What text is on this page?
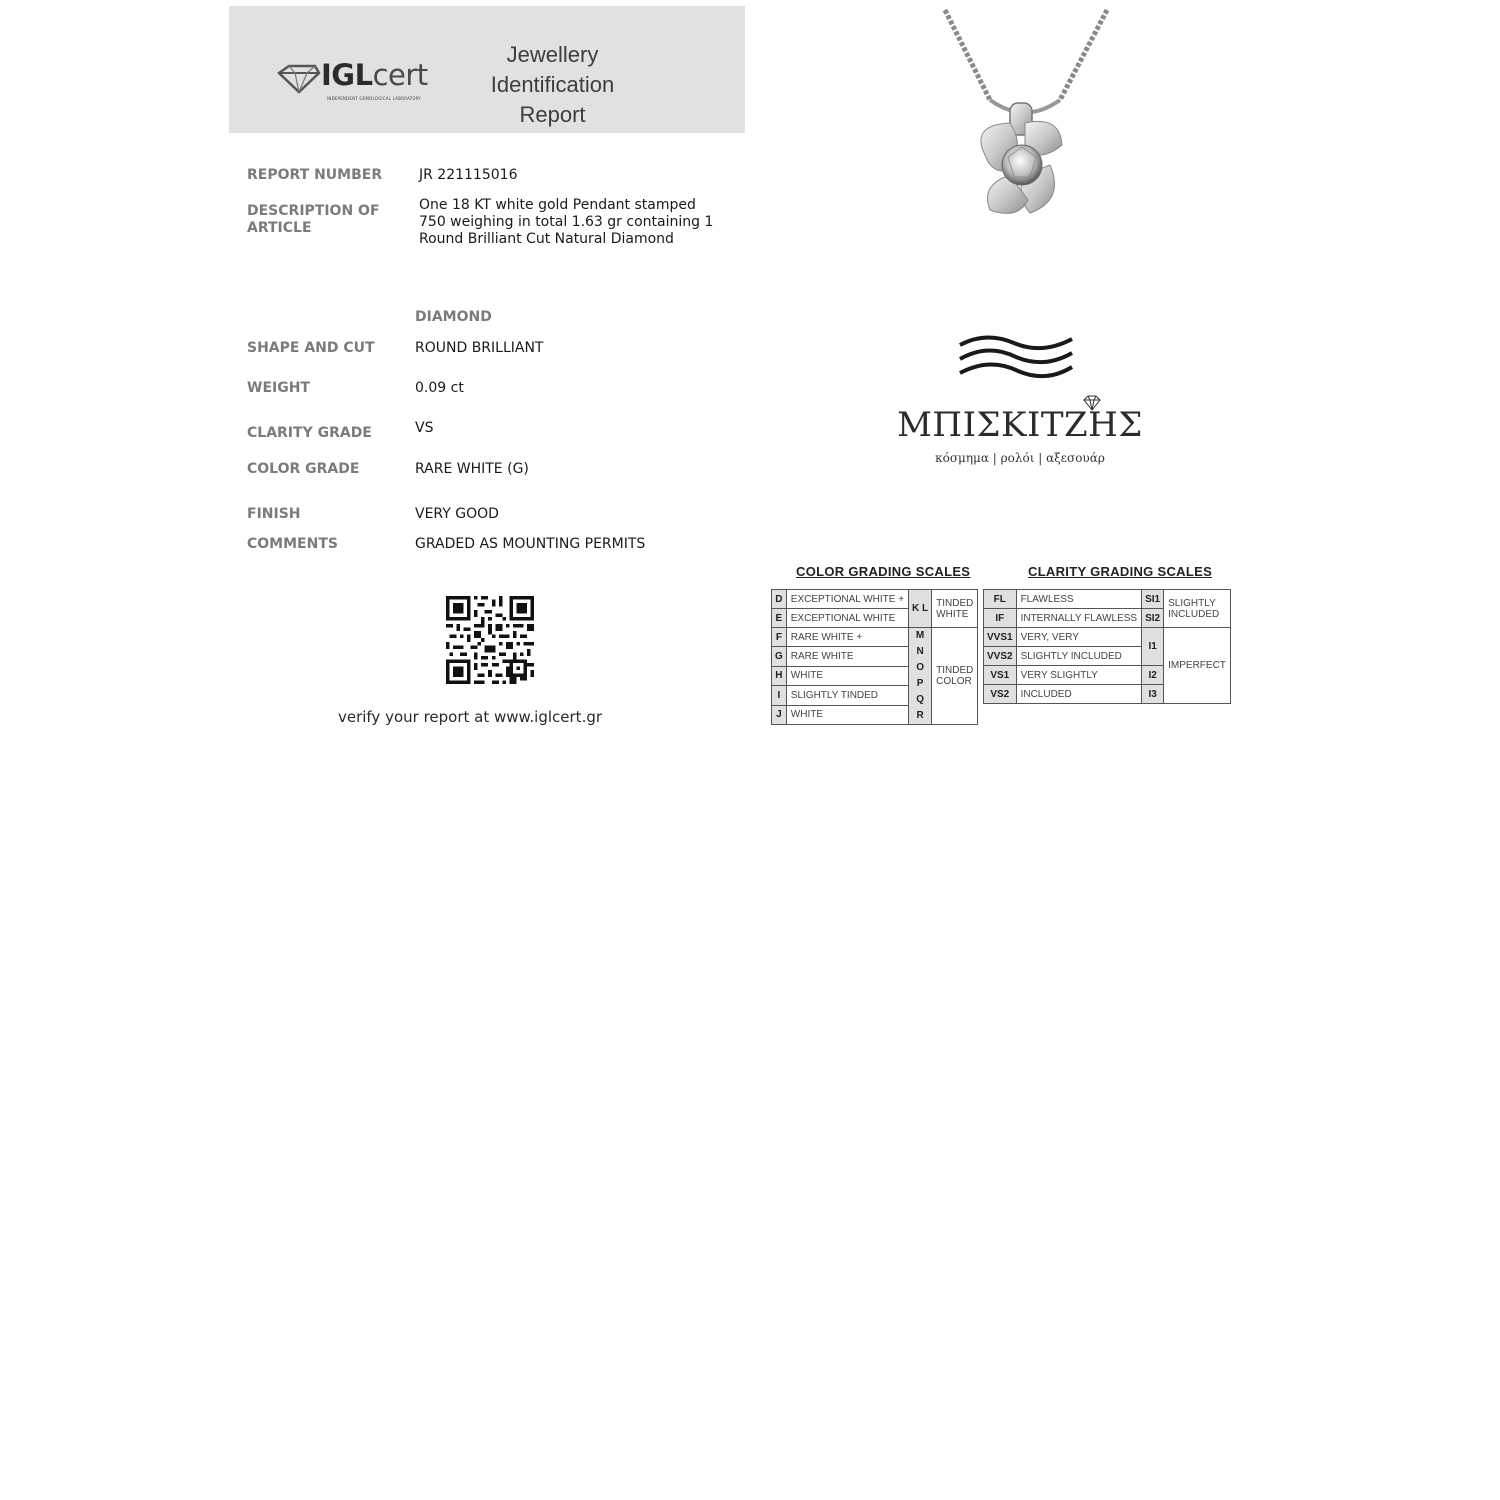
IGLcert
INDEPENDENT GEMOLOGICAL LABORATORY
Jewellery
Identification
Report
REPORT NUMBER	JR 221115016
DESCRIPTION OF
ARTICLE
One 18 KT white gold Pendant stamped 750 weighing in total 1.63 gr containing 1 Round Brilliant Cut Natural Diamond
DIAMOND
SHAPE AND CUT	ROUND BRILLIANT
WEIGHT	0.09 ct
CLARITY GRADE	VS
COLOR GRADE	RARE WHITE (G)
FINISH	VERY GOOD
COMMENTS	GRADED AS MOUNTING PERMITS
verify your report at www.iglcert.gr
ΜΠΙΣΚΙΤΖΗΣ
κόσμημα | ρολόι | αξεσουάρ
COLOR GRADING SCALES
D	EXCEPTIONAL WHITE +	K L	TINDED
WHITE

E	EXCEPTIONAL WHITE		
F	RARE WHITE +	M N O P Q R	TINDED
COLOR

G	RARE WHITE		
H	WHITE		
I	SLIGHTLY TINDED		
J	WHITE		
CLARITY GRADING SCALES
FL	FLAWLESS	SI1	SLIGHTLY
INCLUDED

IF	INTERNALLY FLAWLESS	SI2	
VVS1	VERY, VERY	I1	IMPERFECT
VVS2	SLIGHTLY INCLUDED		
VS1	VERY SLIGHTLY	I2	
VS2	INCLUDED	I3	
